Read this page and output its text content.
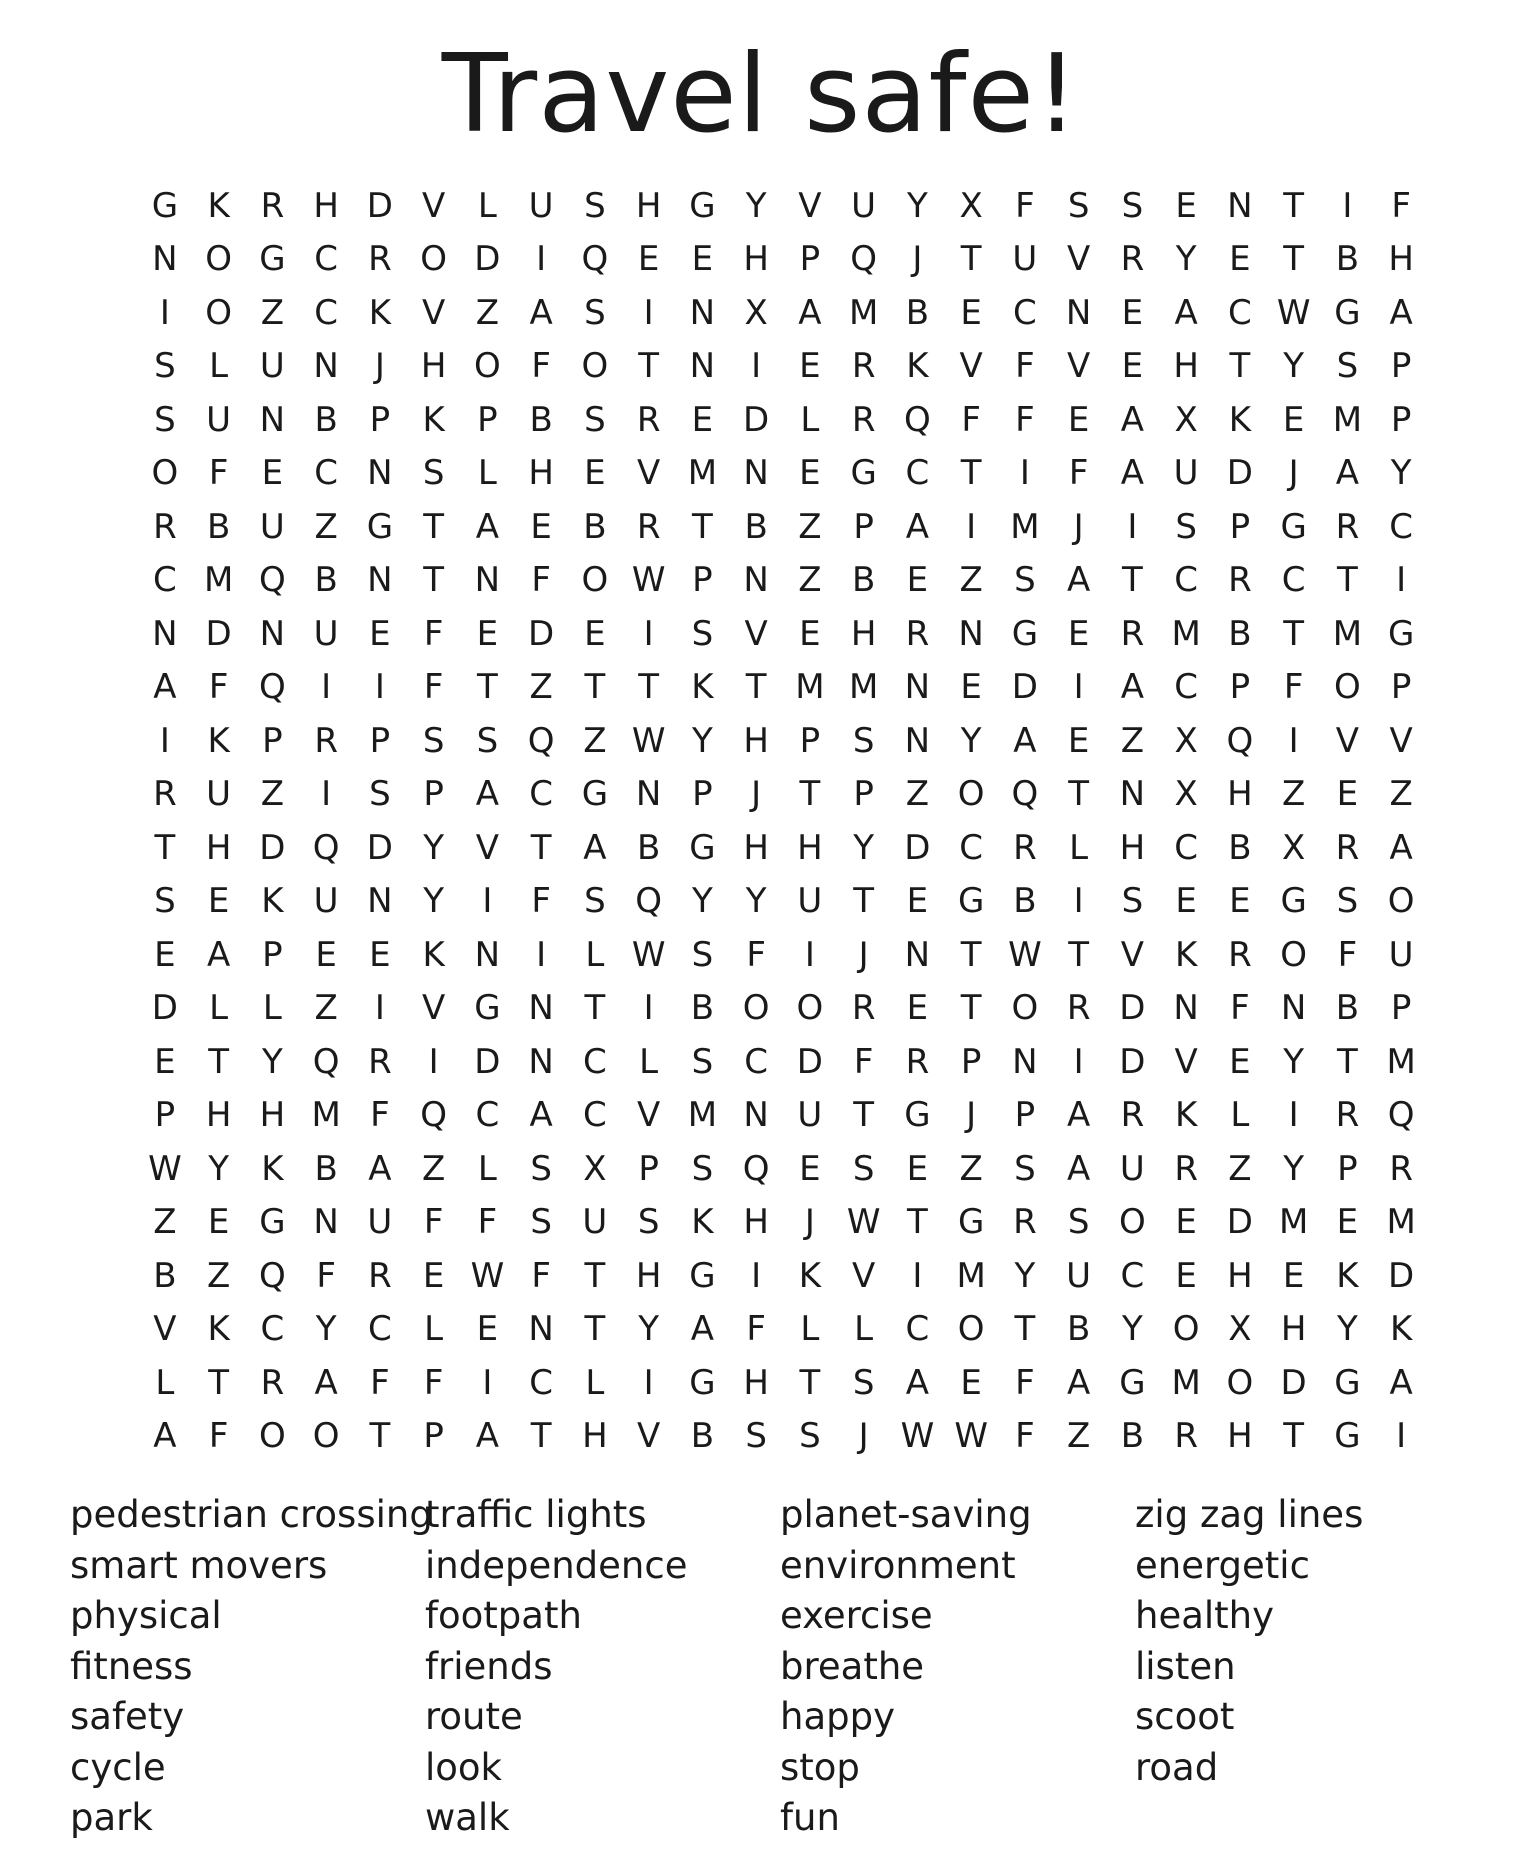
Travel safe!
G	K	R	H	D	V	L	U	S	H	G	Y	V	U	Y	X	F	S	S	E	N	T	I	F
N	O	G	C	R	O	D	I	Q	E	E	H	P	Q	J	T	U	V	R	Y	E	T	B	H
I	O	Z	C	K	V	Z	A	S	I	N	X	A	M	B	E	C	N	E	A	C	W	G	A
S	L	U	N	J	H	O	F	O	T	N	I	E	R	K	V	F	V	E	H	T	Y	S	P
S	U	N	B	P	K	P	B	S	R	E	D	L	R	Q	F	F	E	A	X	K	E	M	P
O	F	E	C	N	S	L	H	E	V	M	N	E	G	C	T	I	F	A	U	D	J	A	Y
R	B	U	Z	G	T	A	E	B	R	T	B	Z	P	A	I	M	J	I	S	P	G	R	C
C	M	Q	B	N	T	N	F	O	W	P	N	Z	B	E	Z	S	A	T	C	R	C	T	I
N	D	N	U	E	F	E	D	E	I	S	V	E	H	R	N	G	E	R	M	B	T	M	G
A	F	Q	I	I	F	T	Z	T	T	K	T	M	M	N	E	D	I	A	C	P	F	O	P
I	K	P	R	P	S	S	Q	Z	W	Y	H	P	S	N	Y	A	E	Z	X	Q	I	V	V
R	U	Z	I	S	P	A	C	G	N	P	J	T	P	Z	O	Q	T	N	X	H	Z	E	Z
T	H	D	Q	D	Y	V	T	A	B	G	H	H	Y	D	C	R	L	H	C	B	X	R	A
S	E	K	U	N	Y	I	F	S	Q	Y	Y	U	T	E	G	B	I	S	E	E	G	S	O
E	A	P	E	E	K	N	I	L	W	S	F	I	J	N	T	W	T	V	K	R	O	F	U
D	L	L	Z	I	V	G	N	T	I	B	O	O	R	E	T	O	R	D	N	F	N	B	P
E	T	Y	Q	R	I	D	N	C	L	S	C	D	F	R	P	N	I	D	V	E	Y	T	M
P	H	H	M	F	Q	C	A	C	V	M	N	U	T	G	J	P	A	R	K	L	I	R	Q
W	Y	K	B	A	Z	L	S	X	P	S	Q	E	S	E	Z	S	A	U	R	Z	Y	P	R
Z	E	G	N	U	F	F	S	U	S	K	H	J	W	T	G	R	S	O	E	D	M	E	M
B	Z	Q	F	R	E	W	F	T	H	G	I	K	V	I	M	Y	U	C	E	H	E	K	D
V	K	C	Y	C	L	E	N	T	Y	A	F	L	L	C	O	T	B	Y	O	X	H	Y	K
L	T	R	A	F	F	I	C	L	I	G	H	T	S	A	E	F	A	G	M	O	D	G	A
A	F	O	O	T	P	A	T	H	V	B	S	S	J	W	W	F	Z	B	R	H	T	G	I
pedestrian crossing
smart movers
physical
fitness
safety
cycle
park
traffic lights
independence
footpath
friends
route
look
walk
planet-saving
environment
exercise
breathe
happy
stop
fun
zig zag lines
energetic
healthy
listen
scoot
road
